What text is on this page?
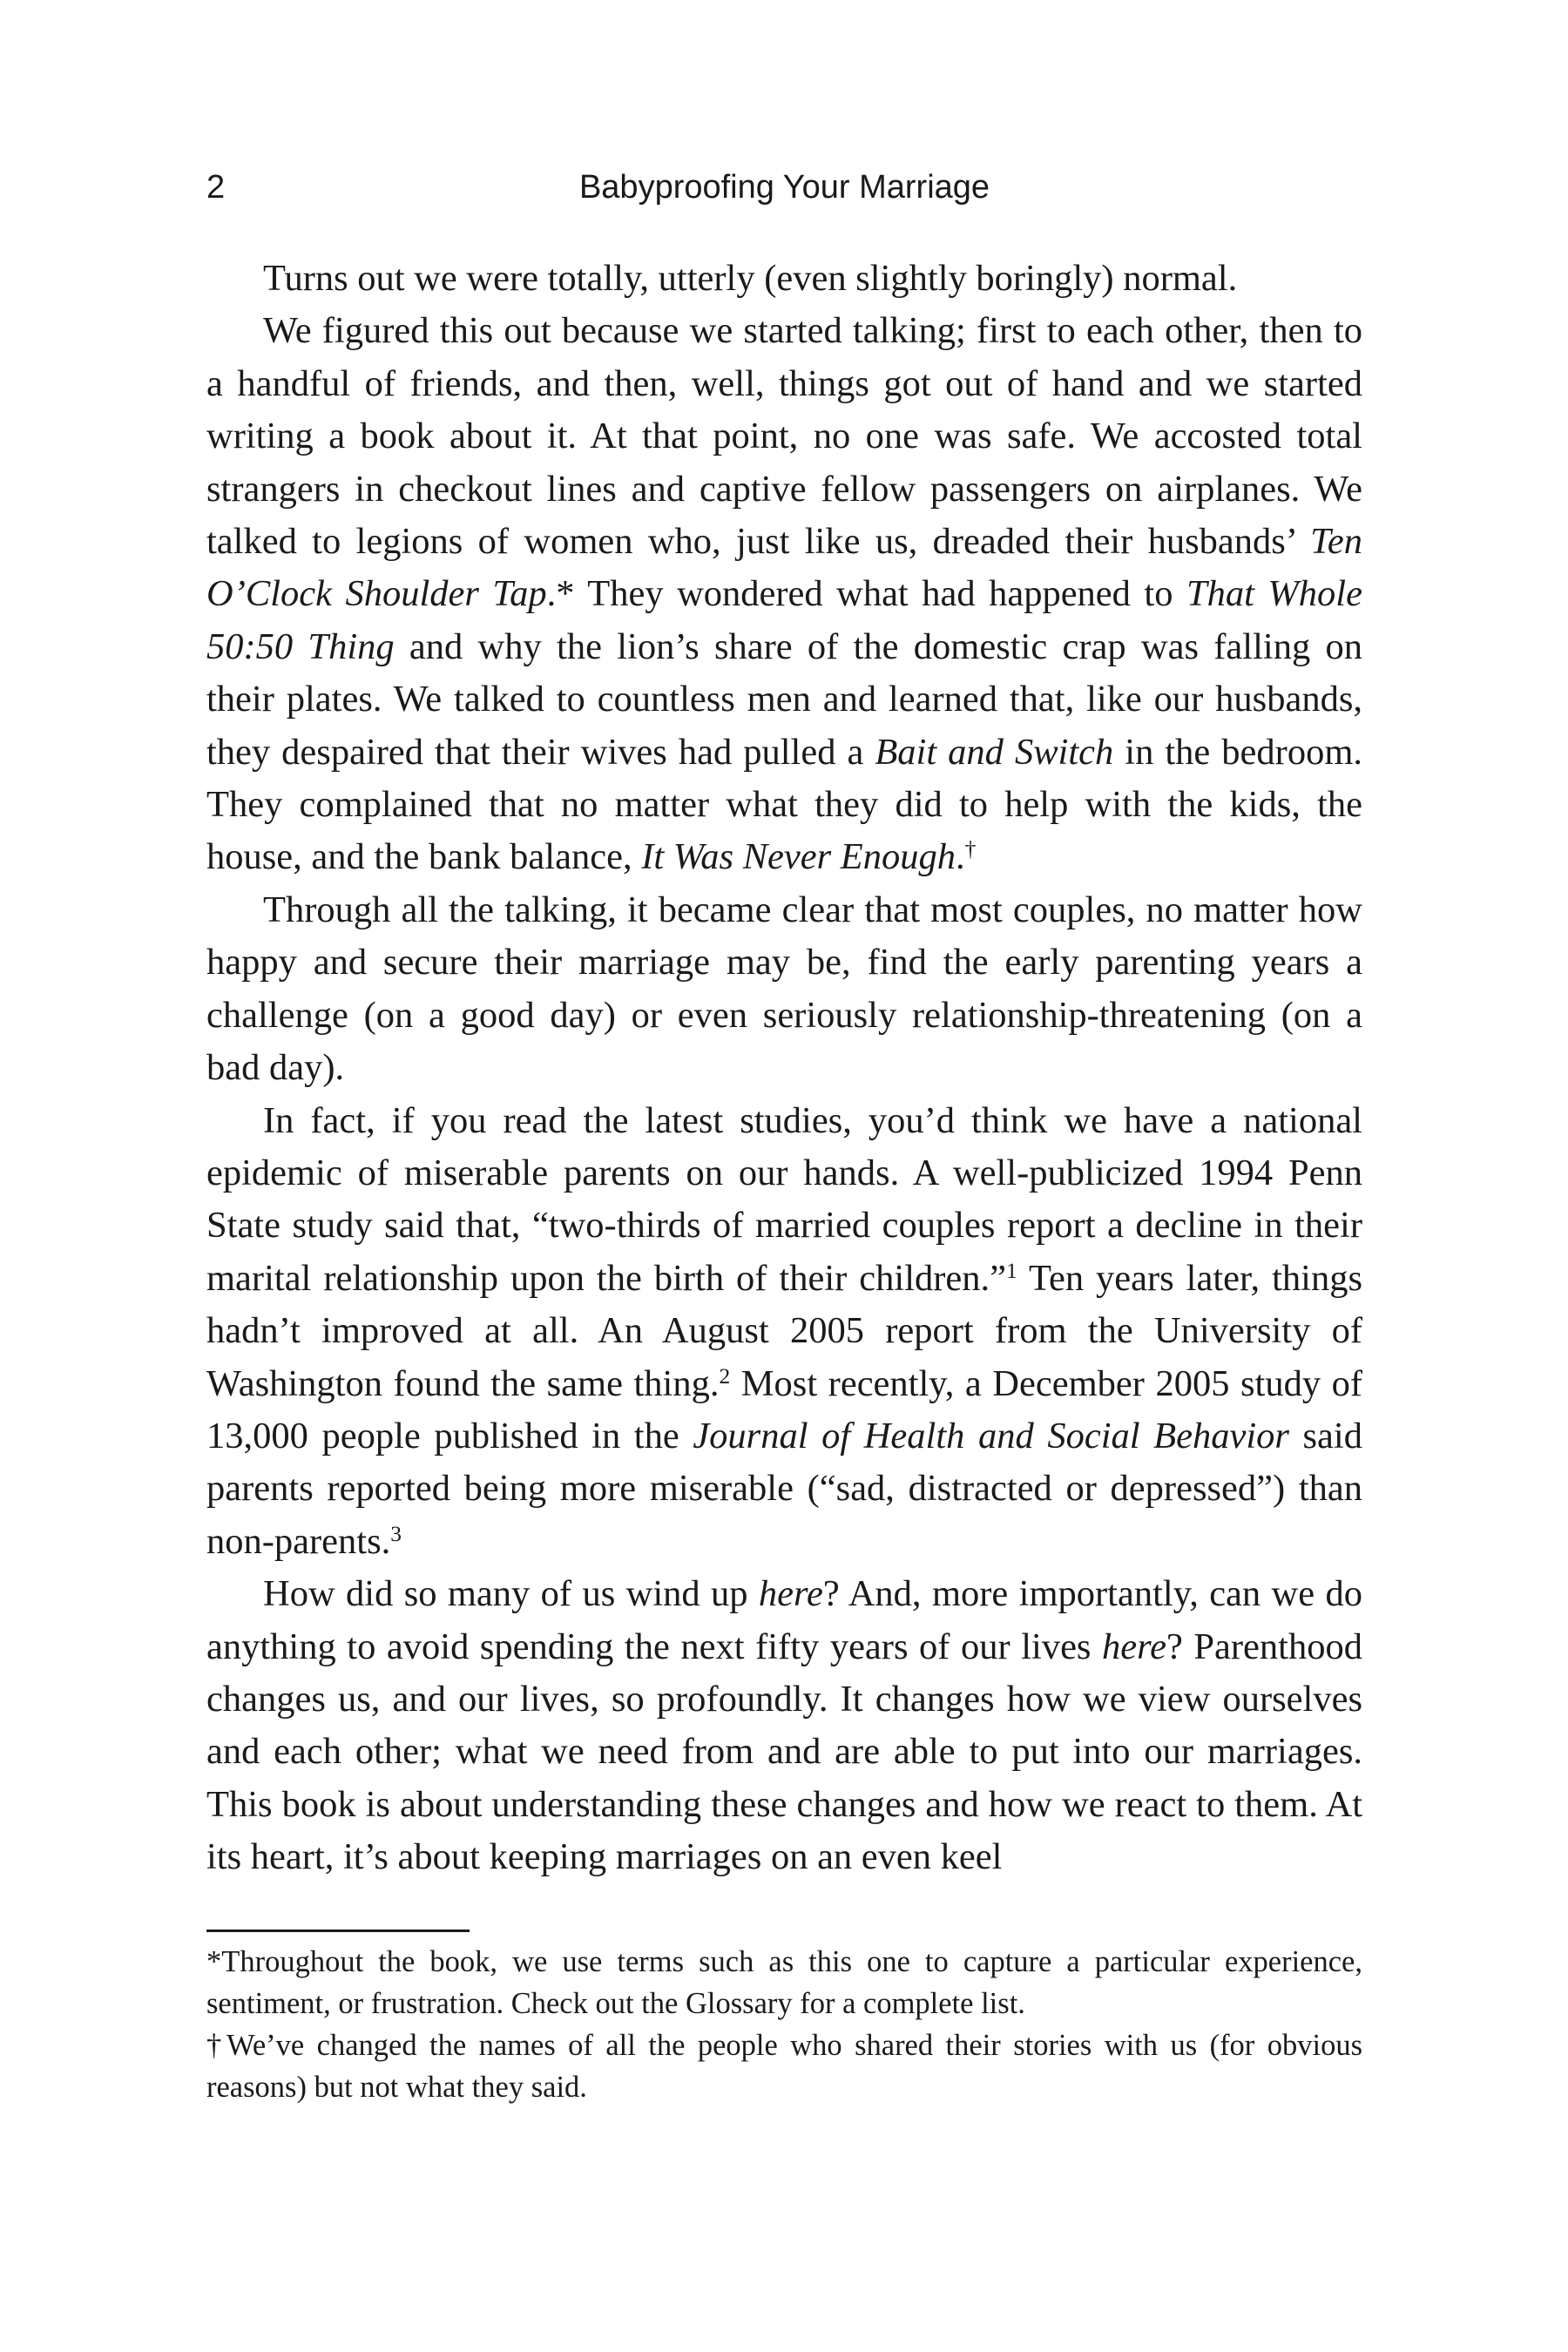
2	Babyproofing Your Marriage

Turns out we were totally, utterly (even slightly boringly) normal.

We figured this out because we started talking; first to each other, then to a handful of friends, and then, well, things got out of hand and we started writing a book about it. At that point, no one was safe. We accosted total strangers in checkout lines and captive fellow passengers on airplanes. We talked to legions of women who, just like us, dreaded their husbands’ Ten O’Clock Shoulder Tap.* They wondered what had happened to That Whole 50:50 Thing and why the lion’s share of the domestic crap was falling on their plates. We talked to countless men and learned that, like our husbands, they despaired that their wives had pulled a Bait and Switch in the bedroom. They complained that no matter what they did to help with the kids, the house, and the bank balance, It Was Never Enough.†

Through all the talking, it became clear that most couples, no matter how happy and secure their marriage may be, find the early parenting years a challenge (on a good day) or even seriously relationship-threatening (on a bad day).

In fact, if you read the latest studies, you’d think we have a national epidemic of miserable parents on our hands. A well-publicized 1994 Penn State study said that, “two-thirds of married couples report a decline in their marital relationship upon the birth of their children.”$^1$ Ten years later, things hadn’t improved at all. An August 2005 report from the University of Washington found the same thing.$^2$ Most recently, a December 2005 study of 13,000 people published in the Journal of Health and Social Behavior said parents reported being more miserable (“sad, distracted or depressed”) than non-parents.$^3$

How did so many of us wind up here? And, more importantly, can we do anything to avoid spending the next fifty years of our lives here? Parenthood changes us, and our lives, so profoundly. It changes how we view ourselves and each other; what we need from and are able to put into our marriages. This book is about understanding these changes and how we react to them. At its heart, it’s about keeping marriages on an even keel

*Throughout the book, we use terms such as this one to capture a particular experience, sentiment, or frustration. Check out the Glossary for a complete list.

†We’ve changed the names of all the people who shared their stories with us (for obvious reasons) but not what they said.
